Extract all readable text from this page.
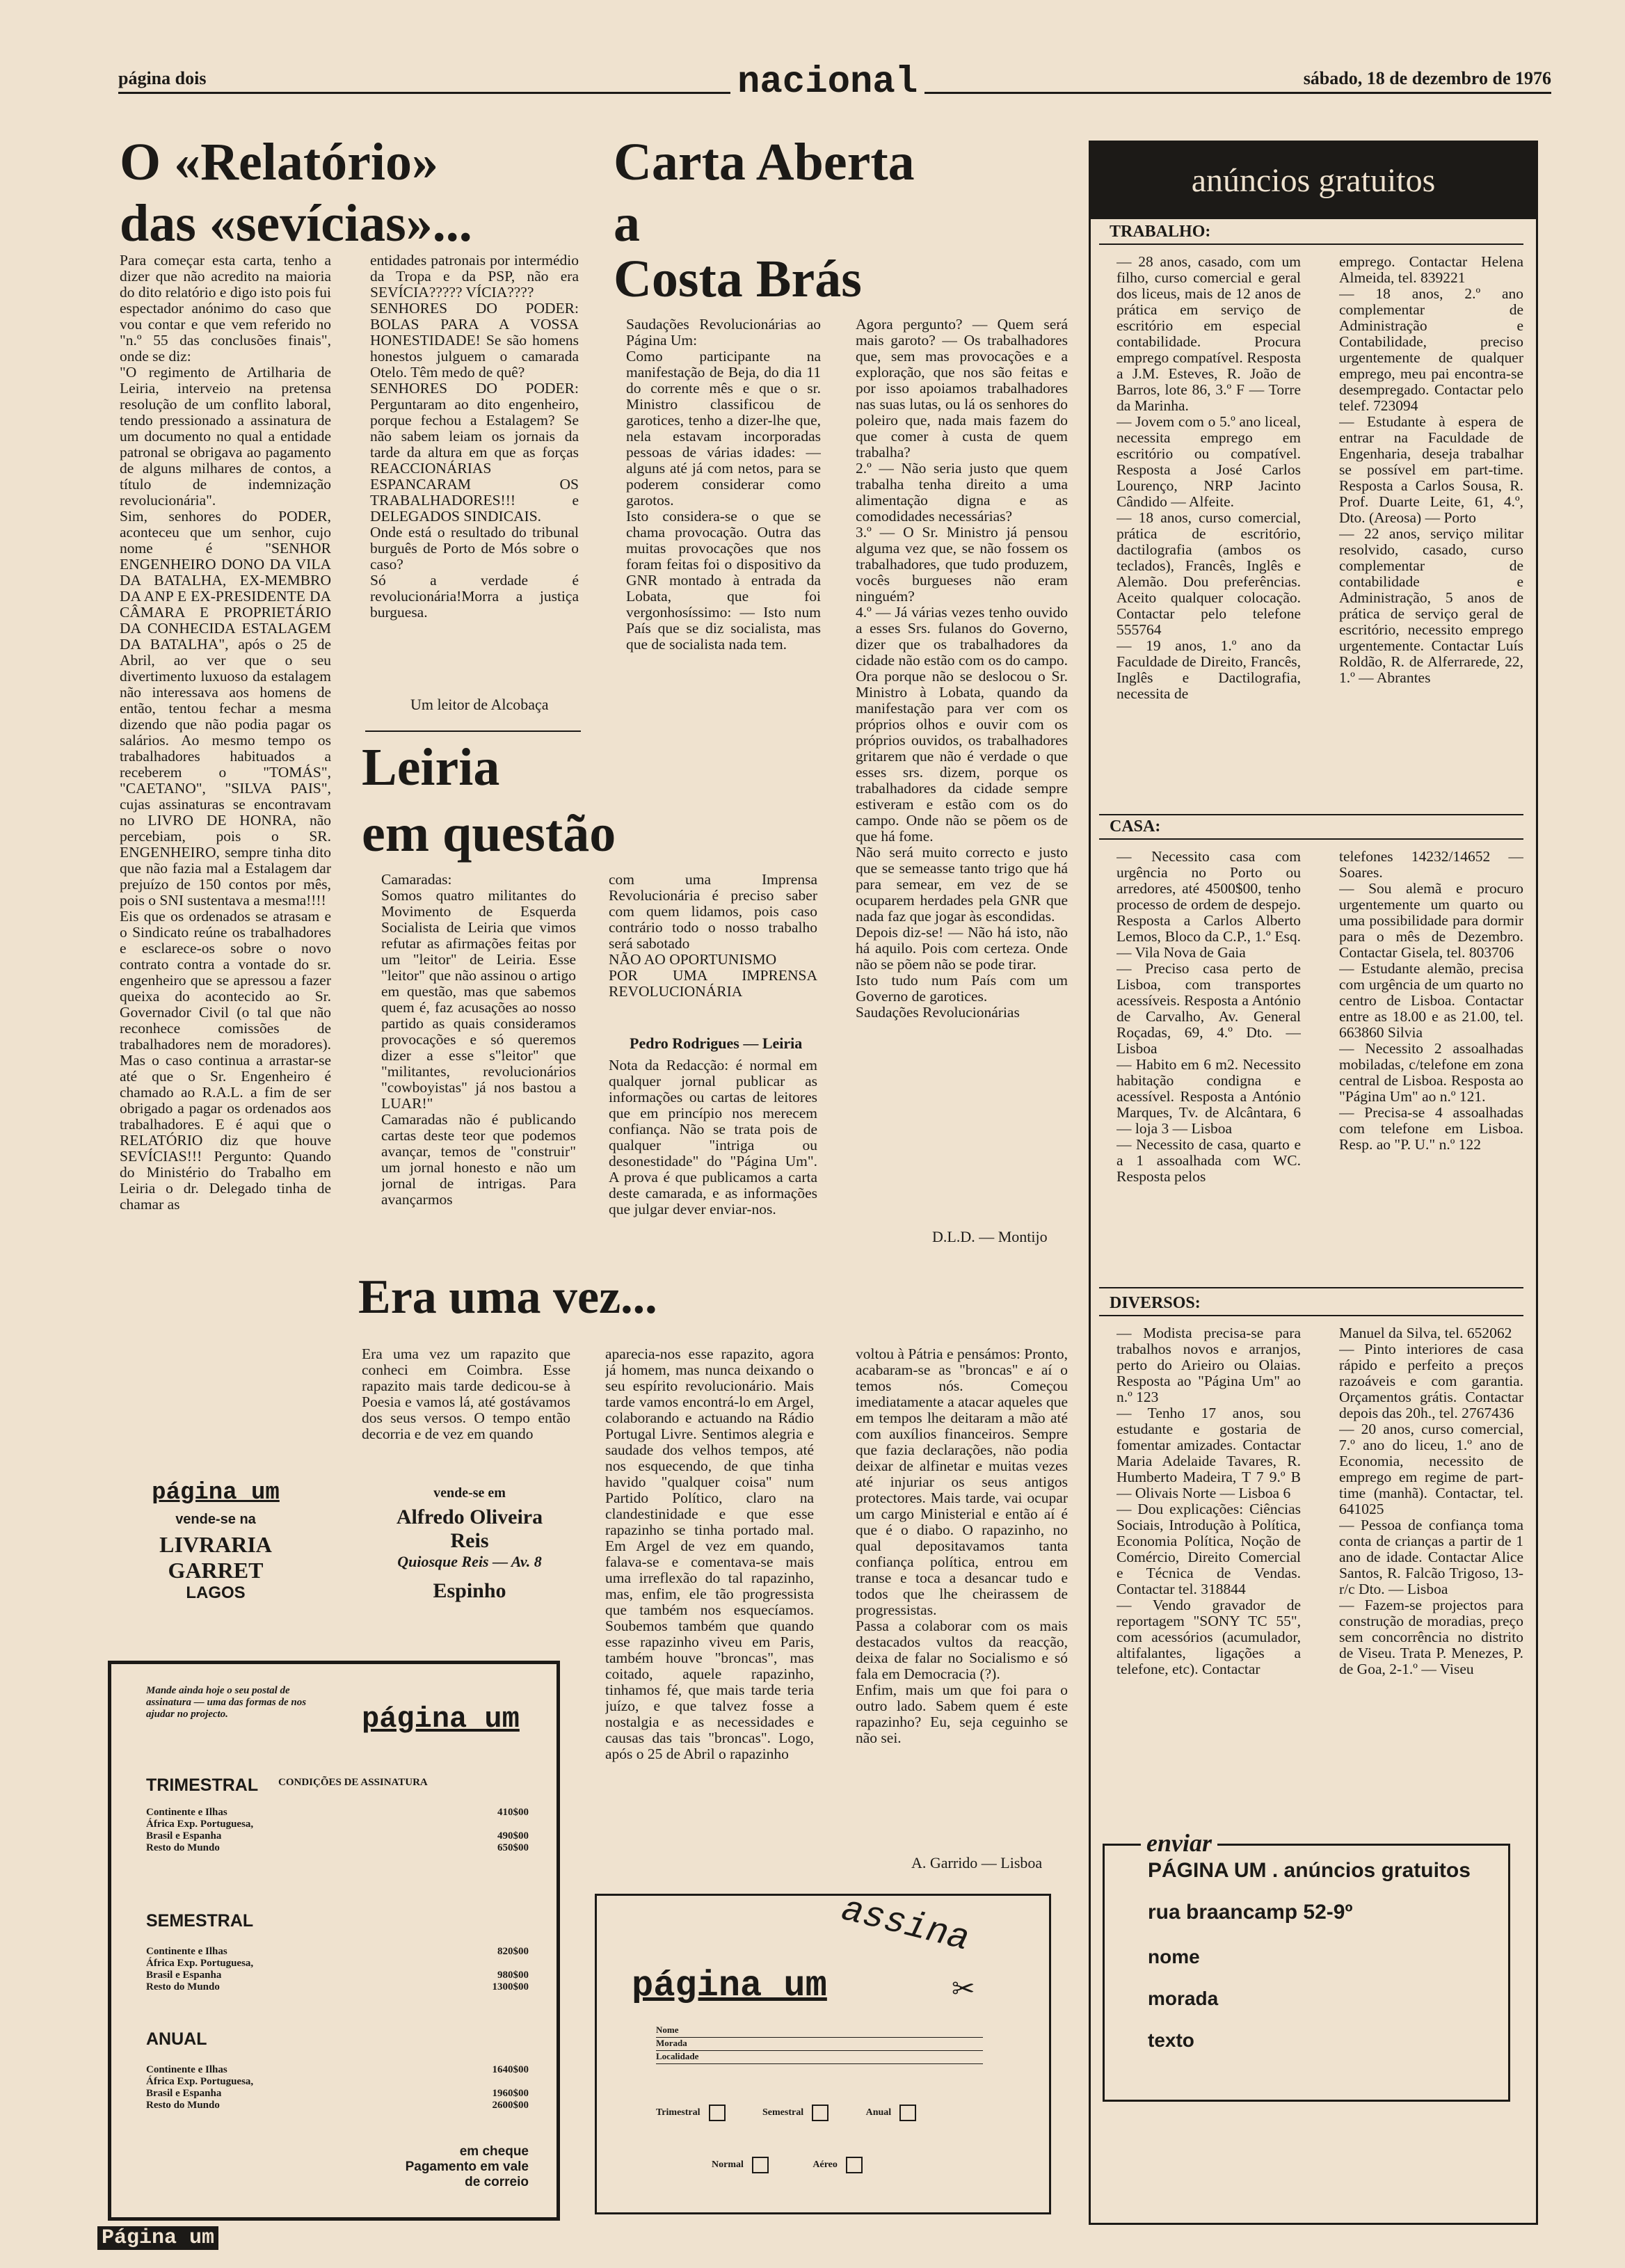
página dois	nacional	sábado, 18 de dezembro de 1976
O «Relatório»
das «sevícias»...
Para começar esta carta, tenho a dizer que não acredito na maioria do dito relatório e digo isto pois fui espectador anónimo do caso que vou contar e que vem referido no "n.º 55 das conclusões finais", onde se diz:
"O regimento de Artilharia de Leiria, interveio na pretensa resolução de um conflito laboral, tendo pressionado a assinatura de um documento no qual a entidade patronal se obrigava ao pagamento de alguns milhares de contos, a título de indemnização revolucionária".
Sim, senhores do PODER, aconteceu que um senhor, cujo nome é "SENHOR ENGENHEIRO DONO DA VILA DA BATALHA, EX-MEMBRO DA ANP E EX-PRESIDENTE DA CÂMARA E PROPRIETÁRIO DA CONHECIDA ESTALAGEM DA BATALHA", após o 25 de Abril, ao ver que o seu divertimento luxuoso da estalagem não interessava aos homens de então, tentou fechar a mesma dizendo que não podia pagar os salários. Ao mesmo tempo os trabalhadores habituados a receberem o "TOMÁS", "CAETANO", "SILVA PAIS", cujas assinaturas se encontravam no LIVRO DE HONRA, não percebiam, pois o SR. ENGENHEIRO, sempre tinha dito que não fazia mal a Estalagem dar prejuízo de 150 contos por mês, pois o SNI sustentava a mesma!!!!
Eis que os ordenados se atrasam e o Sindicato reúne os trabalhadores e esclarece-os sobre o novo contrato contra a vontade do sr. engenheiro que se apressou a fazer queixa do acontecido ao Sr. Governador Civil (o tal que não reconhece comissões de trabalhadores nem de moradores). Mas o caso continua a arrastar-se até que o Sr. Engenheiro é chamado ao R.A.L. a fim de ser obrigado a pagar os ordenados aos trabalhadores. E é aqui que o RELATÓRIO diz que houve SEVÍCIAS!!! Pergunto: Quando do Ministério do Trabalho em Leiria o dr. Delegado tinha de chamar as
entidades patronais por intermédio da Tropa e da PSP, não era SEVÍCIA????? VÍCIA????
SENHORES DO PODER: BOLAS PARA A VOSSA HONESTIDADE! Se são homens honestos julguem o camarada Otelo. Têm medo de quê?
SENHORES DO PODER: Perguntaram ao dito engenheiro, porque fechou a Estalagem? Se não sabem leiam os jornais da tarde da altura em que as forças REACCIONÁRIAS ESPANCARAM OS TRABALHADORES!!! e DELEGADOS SINDICAIS.
Onde está o resultado do tribunal burguês de Porto de Mós sobre o caso?
Só a verdade é revolucionária!Morra a justiça burguesa.
Um leitor de Alcobaça
Carta Aberta
a
Costa Brás
Saudações Revolucionárias ao Página Um:
Como participante na manifestação de Beja, do dia 11 do corrente mês e que o sr. Ministro classificou de garotices, tenho a dizer-lhe que, nela estavam incorporadas pessoas de várias idades: — alguns até já com netos, para se poderem considerar como garotos.
Isto considera-se o que se chama provocação. Outra das muitas provocações que nos foram feitas foi o dispositivo da GNR montado à entrada da Lobata, que foi vergonhosíssimo: — Isto num País que se diz socialista, mas que de socialista nada tem.
Agora pergunto? — Quem será mais garoto? — Os trabalhadores que, sem mas provocações e a exploração, que nos são feitas e por isso apoiamos trabalhadores nas suas lutas, ou lá os senhores do poleiro que, nada mais fazem do que comer à custa de quem trabalha?
2.º — Não seria justo que quem trabalha tenha direito a uma alimentação digna e as comodidades necessárias?
3.º — O Sr. Ministro já pensou alguma vez que, se não fossem os trabalhadores, que tudo produzem, vocês burgueses não eram ninguém?
4.º — Já várias vezes tenho ouvido a esses Srs. fulanos do Governo, dizer que os trabalhadores da cidade não estão com os do campo. Ora porque não se deslocou o Sr. Ministro à Lobata, quando da manifestação para ver com os próprios olhos e ouvir com os próprios ouvidos, os trabalhadores gritarem que não é verdade o que esses srs. dizem, porque os trabalhadores da cidade sempre estiveram e estão com os do campo. Onde não se põem os de que há fome.
Não será muito correcto e justo que se semeasse tanto trigo que há para semear, em vez de se ocuparem herdades pela GNR que nada faz que jogar às escondidas.
Depois diz-se! — Não há isto, não há aquilo. Pois com certeza. Onde não se põem não se pode tirar.
Isto tudo num País com um Governo de garotices.
Saudações Revolucionárias
D.L.D. — Montijo
Leiria
em questão
Camaradas:
Somos quatro militantes do Movimento de Esquerda Socialista de Leiria que vimos refutar as afirmações feitas por um "leitor" de Leiria. Esse "leitor" que não assinou o artigo em questão, mas que sabemos quem é, faz acusações ao nosso partido as quais consideramos provocações e só queremos dizer a esse s"leitor" que "militantes, revolucionários "cowboyistas" já nos bastou a LUAR!"
Camaradas não é publicando cartas deste teor que podemos avançar, temos de "construir" um jornal honesto e não um jornal de intrigas. Para avançarmos
com uma Imprensa Revolucionária é preciso saber com quem lidamos, pois caso contrário todo o nosso trabalho será sabotado
NÃO AO OPORTUNISMO
POR UMA IMPRENSA REVOLUCIONÁRIA
Pedro Rodrigues — Leiria
Nota da Redacção: é normal em qualquer jornal publicar as informações ou cartas de leitores que em princípio nos merecem confiança. Não se trata pois de qualquer "intriga ou desonestidade" do "Página Um". A prova é que publicamos a carta deste camarada, e as informações que julgar dever enviar-nos.
Era uma vez...
Era uma vez um rapazito que conheci em Coimbra. Esse rapazito mais tarde dedicou-se à Poesia e vamos lá, até gostávamos dos seus versos. O tempo então decorria e de vez em quando
aparecia-nos esse rapazito, agora já homem, mas nunca deixando o seu espírito revolucionário. Mais tarde vamos encontrá-lo em Argel, colaborando e actuando na Rádio Portugal Livre. Sentimos alegria e saudade dos velhos tempos, até nos esquecendo, de que tinha havido "qualquer coisa" num Partido Político, claro na clandestinidade e que esse rapazinho se tinha portado mal. Em Argel de vez em quando, falava-se e comentava-se mais uma irreflexão do tal rapazinho, mas, enfim, ele tão progressista que também nos esquecíamos. Soubemos também que quando esse rapazinho viveu em Paris, também houve "broncas", mas coitado, aquele rapazinho, tinhamos fé, que mais tarde teria juízo, e que talvez fosse a nostalgia e as necessidades e causas das tais "broncas". Logo, após o 25 de Abril o rapazinho
voltou à Pátria e pensámos: Pronto, acabaram-se as "broncas" e aí o temos nós. Começou imediatamente a atacar aqueles que em tempos lhe deitaram a mão até com auxílios financeiros. Sempre que fazia declarações, não podia deixar de alfinetar e muitas vezes até injuriar os seus antigos protectores. Mais tarde, vai ocupar um cargo Ministerial e então aí é que é o diabo. O rapazinho, no qual depositavamos tanta confiança política, entrou em transe e toca a desancar tudo e todos que lhe cheirassem de progressistas.
Passa a colaborar com os mais destacados vultos da reacção, deixa de falar no Socialismo e só fala em Democracia (?).
Enfim, mais um que foi para o outro lado. Sabem quem é este rapazinho? Eu, seja ceguinho se não sei.
A. Garrido — Lisboa
anúncios gratuitos
TRABALHO:
— 28 anos, casado, com um filho, curso comercial e geral dos liceus, mais de 12 anos de prática em serviço de escritório em especial contabilidade. Procura emprego compatível. Resposta a J.M. Esteves, R. João de Barros, lote 86, 3.º F — Torre da Marinha.
— Jovem com o 5.º ano liceal, necessita emprego em escritório ou compatível. Resposta a José Carlos Lourenço, NRP Jacinto Cândido — Alfeite.
— 18 anos, curso comercial, prática de escritório, dactilografia (ambos os teclados), Francês, Inglês e Alemão. Dou preferências. Aceito qualquer colocação. Contactar pelo telefone 555764
— 19 anos, 1.º ano da Faculdade de Direito, Francês, Inglês e Dactilografia, necessita de
emprego. Contactar Helena Almeida, tel. 839221
— 18 anos, 2.º ano complementar de Administração e Contabilidade, preciso urgentemente de qualquer emprego, meu pai encontra-se desempregado. Contactar pelo telef. 723094
— Estudante à espera de entrar na Faculdade de Engenharia, deseja trabalhar se possível em part-time. Resposta a Carlos Sousa, R. Prof. Duarte Leite, 61, 4.º, Dto. (Areosa) — Porto
— 22 anos, serviço militar resolvido, casado, curso complementar de contabilidade e Administração, 5 anos de prática de serviço geral de escritório, necessito emprego urgentemente. Contactar Luís Roldão, R. de Alferrarede, 22, 1.º — Abrantes
CASA:
— Necessito casa com urgência no Porto ou arredores, até 4500$00, tenho processo de ordem de despejo. Resposta a Carlos Alberto Lemos, Bloco da C.P., 1.º Esq. — Vila Nova de Gaia
— Preciso casa perto de Lisboa, com transportes acessíveis. Resposta a António de Carvalho, Av. General Roçadas, 69, 4.º Dto. — Lisboa
— Habito em 6 m2. Necessito habitação condigna e acessível. Resposta a António Marques, Tv. de Alcântara, 6 — loja 3 — Lisboa
— Necessito de casa, quarto e a 1 assoalhada com WC. Resposta pelos
telefones 14232/14652 — Soares.
— Sou alemã e procuro urgentemente um quarto ou uma possibilidade para dormir para o mês de Dezembro. Contactar Gisela, tel. 803706
— Estudante alemão, precisa com urgência de um quarto no centro de Lisboa. Contactar entre as 18.00 e as 21.00, tel. 663860 Silvia
— Necessito 2 assoalhadas mobiladas, c/telefone em zona central de Lisboa. Resposta ao "Página Um" ao n.º 121.
— Precisa-se 4 assoalhadas com telefone em Lisboa. Resp. ao "P. U." n.º 122
DIVERSOS:
— Modista precisa-se para trabalhos novos e arranjos, perto do Arieiro ou Olaias. Resposta ao "Página Um" ao n.º 123
— Tenho 17 anos, sou estudante e gostaria de fomentar amizades. Contactar Maria Adelaide Tavares, R. Humberto Madeira, T 7 9.º B — Olivais Norte — Lisboa 6
— Dou explicações: Ciências Sociais, Introdução à Política, Economia Política, Noção de Comércio, Direito Comercial e Técnica de Vendas. Contactar tel. 318844
— Vendo gravador de reportagem "SONY TC 55", com acessórios (acumulador, altifalantes, ligações a telefone, etc). Contactar
Manuel da Silva, tel. 652062
— Pinto interiores de casa rápido e perfeito a preços razoáveis e com garantia. Orçamentos grátis. Contactar depois das 20h., tel. 2767436
— 20 anos, curso comercial, 7.º ano do liceu, 1.º ano de Economia, necessito de emprego em regime de part-time (manhã). Contactar, tel. 641025
— Pessoa de confiança toma conta de crianças a partir de 1 ano de idade. Contactar Alice Santos, R. Falcão Trigoso, 13-r/c Dto. — Lisboa
— Fazem-se projectos para construção de moradias, preço sem concorrência no distrito de Viseu. Trata P. Menezes, P. de Goa, 2-1.º — Viseu
enviar
PÁGINA UM . anúncios gratuitos
rua braancamp 52-9º
nome
morada
texto
página um
vende-se na
LIVRARIA
GARRET
LAGOS
vende-se em
Alfredo Oliveira
Reis
Quiosque Reis — Av. 8
Espinho
Mande ainda hoje o seu postal de assinatura — uma das formas de nos ajudar no projecto.	página um
TRIMESTRAL CONDIÇÕES DE ASSINATURA
Continente e Ilhas	410$00
África Exp. Portuguesa,
Brasil e Espanha	490$00
Resto do Mundo	650$00
SEMESTRAL
Continente e Ilhas	820$00
África Exp. Portuguesa,
Brasil e Espanha	980$00
Resto do Mundo	1300$00
ANUAL
Continente e Ilhas	1640$00
África Exp. Portuguesa,
Brasil e Espanha	1960$00
Resto do Mundo	2600$00
em cheque
Pagamento em vale
de correio
assina
página um	✂
Nome
Morada
Localidade
Trimestral	Semestral	Anual
Normal	Aéreo
Página um
